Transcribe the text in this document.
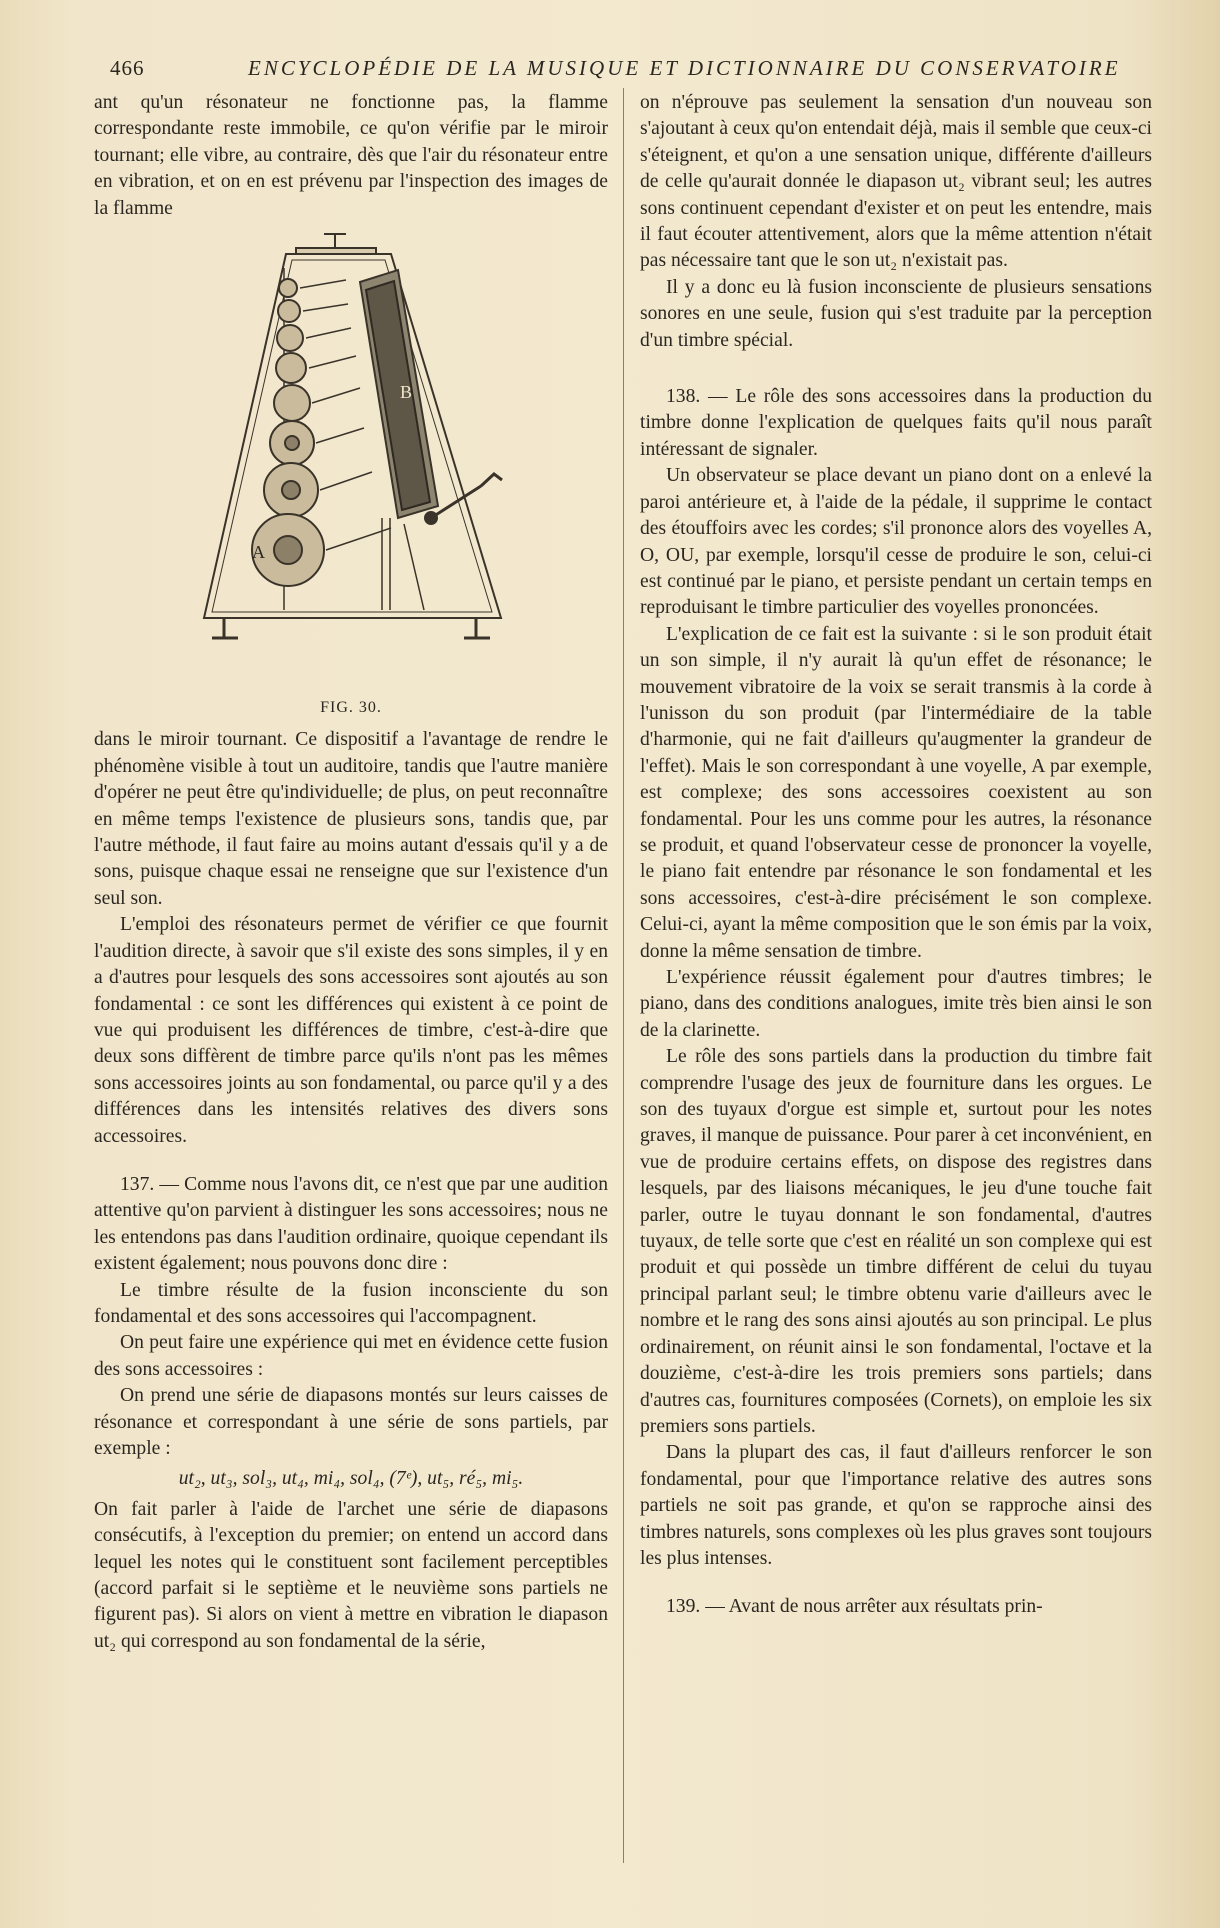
466	ENCYCLOPÉDIE DE LA MUSIQUE ET DICTIONNAIRE DU CONSERVATOIRE

ant qu'un résonateur ne fonctionne pas, la flamme correspondante reste immobile, ce qu'on vérifie par le miroir tournant; elle vibre, au contraire, dès que l'air du résonateur entre en vibration, et on en est prévenu par l'inspection des images de la flamme

A
B
FIG. 30.

dans le miroir tournant. Ce dispositif a l'avantage de rendre le phénomène visible à tout un auditoire, tandis que l'autre manière d'opérer ne peut être qu'individuelle; de plus, on peut reconnaître en même temps l'existence de plusieurs sons, tandis que, par l'autre méthode, il faut faire au moins autant d'essais qu'il y a de sons, puisque chaque essai ne renseigne que sur l'existence d'un seul son.

L'emploi des résonateurs permet de vérifier ce que fournit l'audition directe, à savoir que s'il existe des sons simples, il y en a d'autres pour lesquels des sons accessoires sont ajoutés au son fondamental : ce sont les différences qui existent à ce point de vue qui produisent les différences de timbre, c'est-à-dire que deux sons diffèrent de timbre parce qu'ils n'ont pas les mêmes sons accessoires joints au son fondamental, ou parce qu'il y a des différences dans les intensités relatives des divers sons accessoires.

137. — Comme nous l'avons dit, ce n'est que par une audition attentive qu'on parvient à distinguer les sons accessoires; nous ne les entendons pas dans l'audition ordinaire, quoique cependant ils existent également; nous pouvons donc dire :

Le timbre résulte de la fusion inconsciente du son fondamental et des sons accessoires qui l'accompagnent.

On peut faire une expérience qui met en évidence cette fusion des sons accessoires :

On prend une série de diapasons montés sur leurs caisses de résonance et correspondant à une série de sons partiels, par exemple :

ut₂, ut₃, sol₃, ut₄, mi₄, sol₄, (7ᵉ), ut₅, ré₅, mi₅.

On fait parler à l'aide de l'archet une série de diapasons consécutifs, à l'exception du premier; on entend un accord dans lequel les notes qui le constituent sont facilement perceptibles (accord parfait si le septième et le neuvième sons partiels ne figurent pas). Si alors on vient à mettre en vibration le diapason ut₂ qui correspond au son fondamental de la série,

on n'éprouve pas seulement la sensation d'un nouveau son s'ajoutant à ceux qu'on entendait déjà, mais il semble que ceux-ci s'éteignent, et qu'on a une sensation unique, différente d'ailleurs de celle qu'aurait donnée le diapason ut₂ vibrant seul; les autres sons continuent cependant d'exister et on peut les entendre, mais il faut écouter attentivement, alors que la même attention n'était pas nécessaire tant que le son ut₂ n'existait pas.

Il y a donc eu là fusion inconsciente de plusieurs sensations sonores en une seule, fusion qui s'est traduite par la perception d'un timbre spécial.

138. — Le rôle des sons accessoires dans la production du timbre donne l'explication de quelques faits qu'il nous paraît intéressant de signaler.

Un observateur se place devant un piano dont on a enlevé la paroi antérieure et, à l'aide de la pédale, il supprime le contact des étouffoirs avec les cordes; s'il prononce alors des voyelles A, O, OU, par exemple, lorsqu'il cesse de produire le son, celui-ci est continué par le piano, et persiste pendant un certain temps en reproduisant le timbre particulier des voyelles prononcées.

L'explication de ce fait est la suivante : si le son produit était un son simple, il n'y aurait là qu'un effet de résonance; le mouvement vibratoire de la voix se serait transmis à la corde à l'unisson du son produit (par l'intermédiaire de la table d'harmonie, qui ne fait d'ailleurs qu'augmenter la grandeur de l'effet). Mais le son correspondant à une voyelle, A par exemple, est complexe; des sons accessoires coexistent au son fondamental. Pour les uns comme pour les autres, la résonance se produit, et quand l'observateur cesse de prononcer la voyelle, le piano fait entendre par résonance le son fondamental et les sons accessoires, c'est-à-dire précisément le son complexe. Celui-ci, ayant la même composition que le son émis par la voix, donne la même sensation de timbre.

L'expérience réussit également pour d'autres timbres; le piano, dans des conditions analogues, imite très bien ainsi le son de la clarinette.

Le rôle des sons partiels dans la production du timbre fait comprendre l'usage des jeux de fourniture dans les orgues. Le son des tuyaux d'orgue est simple et, surtout pour les notes graves, il manque de puissance. Pour parer à cet inconvénient, en vue de produire certains effets, on dispose des registres dans lesquels, par des liaisons mécaniques, le jeu d'une touche fait parler, outre le tuyau donnant le son fondamental, d'autres tuyaux, de telle sorte que c'est en réalité un son complexe qui est produit et qui possède un timbre différent de celui du tuyau principal parlant seul; le timbre obtenu varie d'ailleurs avec le nombre et le rang des sons ainsi ajoutés au son principal. Le plus ordinairement, on réunit ainsi le son fondamental, l'octave et la douzième, c'est-à-dire les trois premiers sons partiels; dans d'autres cas, fournitures composées (Cornets), on emploie les six premiers sons partiels.

Dans la plupart des cas, il faut d'ailleurs renforcer le son fondamental, pour que l'importance relative des autres sons partiels ne soit pas grande, et qu'on se rapproche ainsi des timbres naturels, sons complexes où les plus graves sont toujours les plus intenses.

139. — Avant de nous arrêter aux résultats prin-
